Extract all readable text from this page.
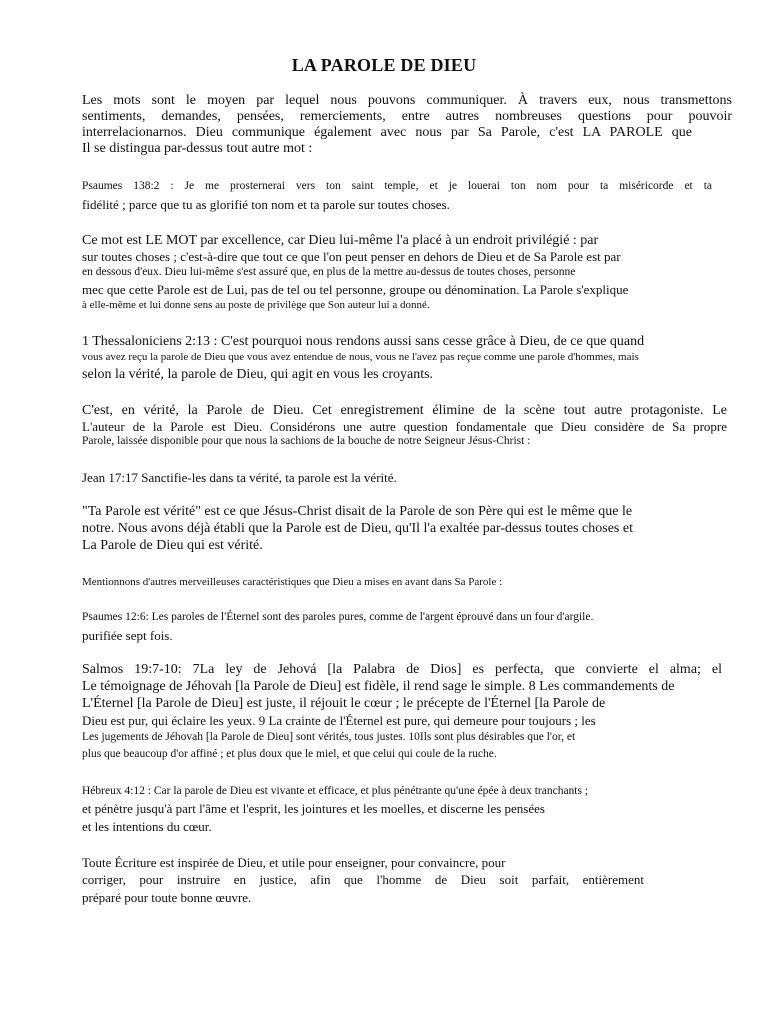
LA PAROLE DE DIEU
Les mots sont le moyen par lequel nous pouvons communiquer. À travers eux, nous transmettons
sentiments, demandes, pensées, remerciements, entre autres nombreuses questions pour pouvoir
interrelacionarnos. Dieu communique également avec nous par Sa Parole, c'est LA PAROLE que
Il se distingua par-dessus tout autre mot :
Psaumes 138:2 : Je me prosternerai vers ton saint temple, et je louerai ton nom pour ta miséricorde et ta
fidélité ; parce que tu as glorifié ton nom et ta parole sur toutes choses.
Ce mot est LE MOT par excellence, car Dieu lui-même l'a placé à un endroit privilégié : par
sur toutes choses ; c'est-à-dire que tout ce que l'on peut penser en dehors de Dieu et de Sa Parole est par
en dessous d'eux. Dieu lui-même s'est assuré que, en plus de la mettre au-dessus de toutes choses, personne
mec que cette Parole est de Lui, pas de tel ou tel personne, groupe ou dénomination. La Parole s'explique
à elle-même et lui donne sens au poste de privilège que Son auteur lui a donné.
1 Thessaloniciens 2:13 : C'est pourquoi nous rendons aussi sans cesse grâce à Dieu, de ce que quand
vous avez reçu la parole de Dieu que vous avez entendue de nous, vous ne l'avez pas reçue comme une parole d'hommes, mais
selon la vérité, la parole de Dieu, qui agit en vous les croyants.
C'est, en vérité, la Parole de Dieu. Cet enregistrement élimine de la scène tout autre protagoniste. Le
L'auteur de la Parole est Dieu. Considérons une autre question fondamentale que Dieu considère de Sa propre
Parole, laissée disponible pour que nous la sachions de la bouche de notre Seigneur Jésus-Christ :
Jean 17:17 Sanctifie-les dans ta vérité, ta parole est la vérité.
"Ta Parole est vérité" est ce que Jésus-Christ disait de la Parole de son Père qui est le même que le
notre. Nous avons déjà établi que la Parole est de Dieu, qu'Il l'a exaltée par-dessus toutes choses et
La Parole de Dieu qui est vérité.
Mentionnons d'autres merveilleuses caractéristiques que Dieu a mises en avant dans Sa Parole :
Psaumes 12:6: Les paroles de l'Éternel sont des paroles pures, comme de l'argent éprouvé dans un four d'argile.
purifiée sept fois.
Salmos 19:7-10: 7La ley de Jehová [la Palabra de Dios] es perfecta, que convierte el alma; el
Le témoignage de Jéhovah [la Parole de Dieu] est fidèle, il rend sage le simple. 8 Les commandements de
L'Éternel [la Parole de Dieu] est juste, il réjouit le cœur ; le précepte de l'Éternel [la Parole de
Dieu est pur, qui éclaire les yeux. 9 La crainte de l'Éternel est pure, qui demeure pour toujours ; les
Les jugements de Jéhovah [la Parole de Dieu] sont vérités, tous justes. 10Ils sont plus désirables que l'or, et
plus que beaucoup d'or affiné ; et plus doux que le miel, et que celui qui coule de la ruche.
Hébreux 4:12 : Car la parole de Dieu est vivante et efficace, et plus pénétrante qu'une épée à deux tranchants ;
et pénètre jusqu'à part l'âme et l'esprit, les jointures et les moelles, et discerne les pensées
et les intentions du cœur.
Toute Écriture est inspirée de Dieu, et utile pour enseigner, pour convaincre, pour
corriger, pour instruire en justice, afin que l'homme de Dieu soit parfait, entièrement
préparé pour toute bonne œuvre.
